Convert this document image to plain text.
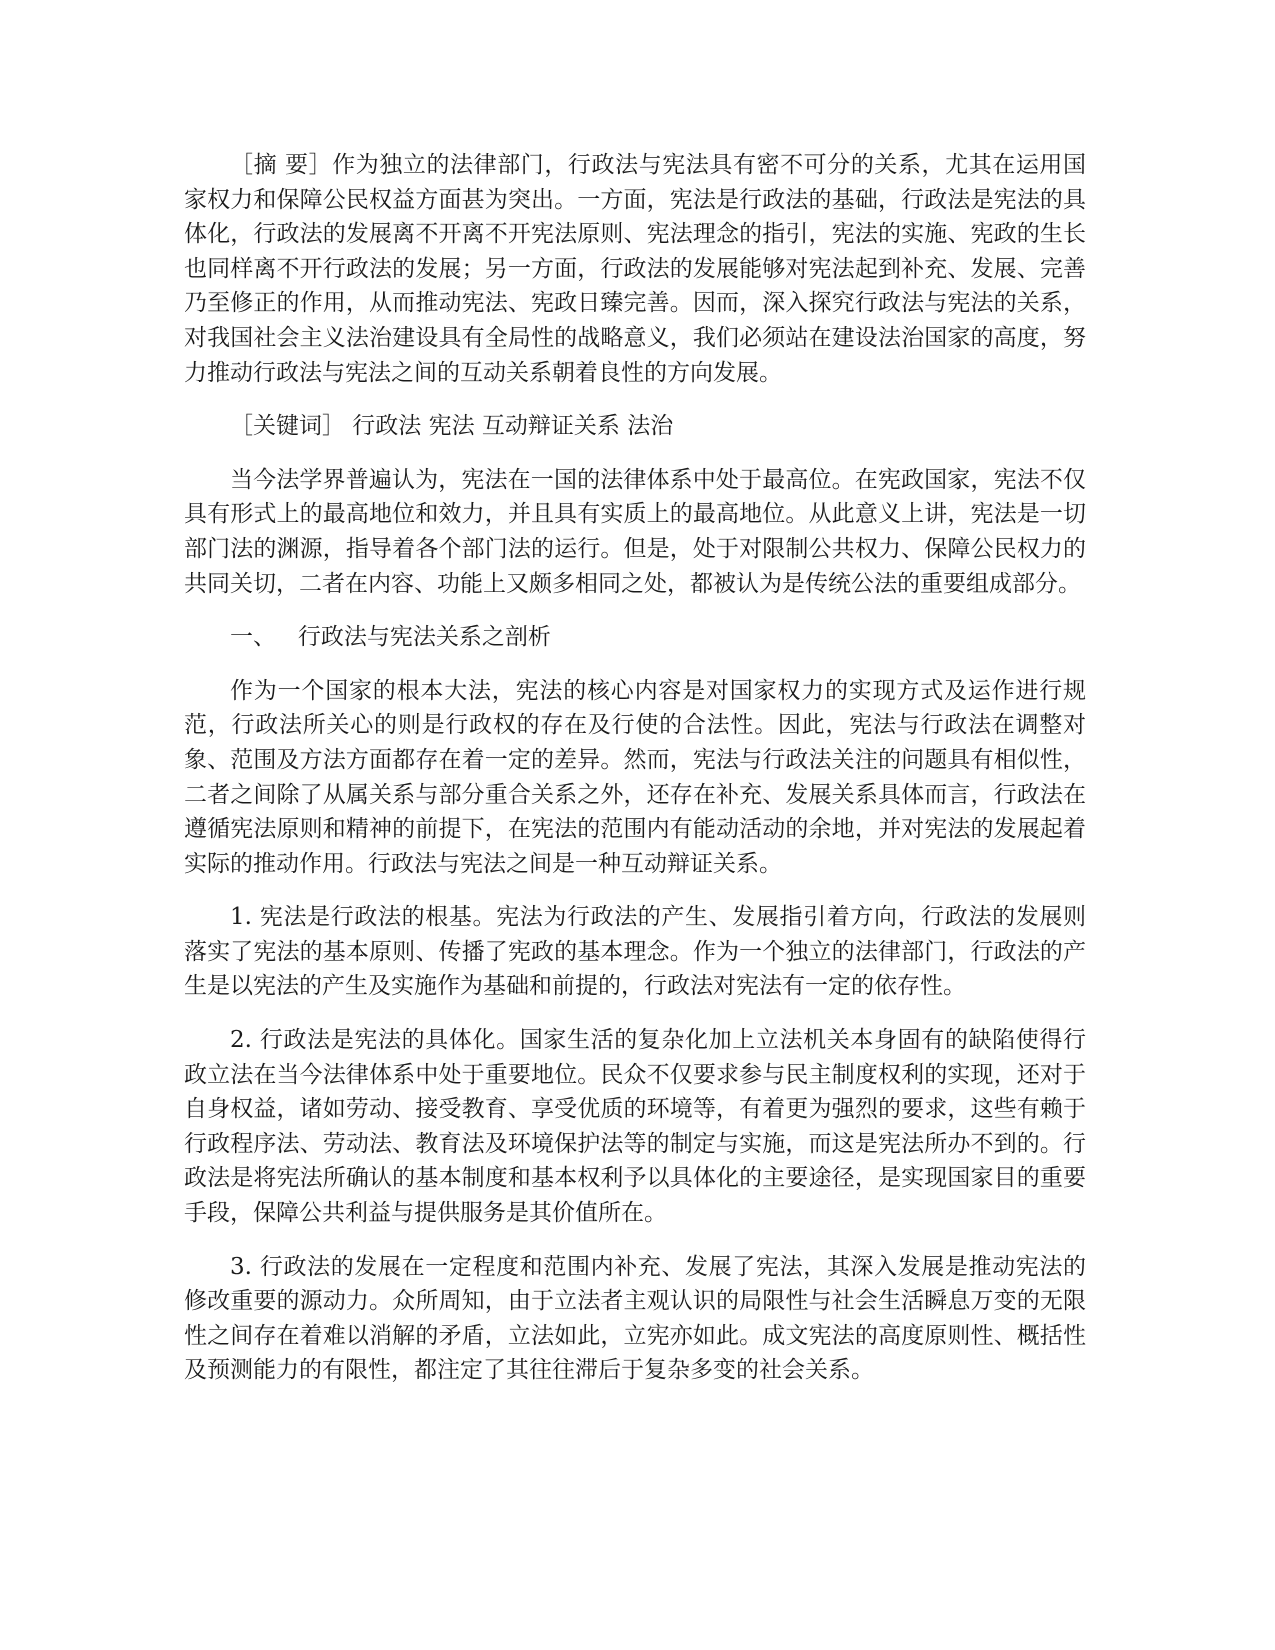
［摘 要］作为独立的法律部门，行政法与宪法具有密不可分的关系，尤其在运用国家权力和保障公民权益方面甚为突出。一方面，宪法是行政法的基础，行政法是宪法的具体化，行政法的发展离不开离不开宪法原则、宪法理念的指引，宪法的实施、宪政的生长也同样离不开行政法的发展；另一方面，行政法的发展能够对宪法起到补充、发展、完善乃至修正的作用，从而推动宪法、宪政日臻完善。因而，深入探究行政法与宪法的关系，对我国社会主义法治建设具有全局性的战略意义，我们必须站在建设法治国家的高度，努力推动行政法与宪法之间的互动关系朝着良性的方向发展。

［关键词］ 行政法 宪法 互动辩证关系 法治

当今法学界普遍认为，宪法在一国的法律体系中处于最高位。在宪政国家，宪法不仅具有形式上的最高地位和效力，并且具有实质上的最高地位。从此意义上讲，宪法是一切部门法的渊源，指导着各个部门法的运行。但是，处于对限制公共权力、保障公民权力的共同关切，二者在内容、功能上又颇多相同之处，都被认为是传统公法的重要组成部分。

一、   行政法与宪法关系之剖析

作为一个国家的根本大法，宪法的核心内容是对国家权力的实现方式及运作进行规范，行政法所关心的则是行政权的存在及行使的合法性。因此，宪法与行政法在调整对象、范围及方法方面都存在着一定的差异。然而，宪法与行政法关注的问题具有相似性，二者之间除了从属关系与部分重合关系之外，还存在补充、发展关系具体而言，行政法在遵循宪法原则和精神的前提下，在宪法的范围内有能动活动的余地，并对宪法的发展起着实际的推动作用。行政法与宪法之间是一种互动辩证关系。

1. 宪法是行政法的根基。宪法为行政法的产生、发展指引着方向，行政法的发展则落实了宪法的基本原则、传播了宪政的基本理念。作为一个独立的法律部门，行政法的产生是以宪法的产生及实施作为基础和前提的，行政法对宪法有一定的依存性。

2. 行政法是宪法的具体化。国家生活的复杂化加上立法机关本身固有的缺陷使得行政立法在当今法律体系中处于重要地位。民众不仅要求参与民主制度权利的实现，还对于自身权益，诸如劳动、接受教育、享受优质的环境等，有着更为强烈的要求，这些有赖于行政程序法、劳动法、教育法及环境保护法等的制定与实施，而这是宪法所办不到的。行政法是将宪法所确认的基本制度和基本权利予以具体化的主要途径，是实现国家目的重要手段，保障公共利益与提供服务是其价值所在。

3. 行政法的发展在一定程度和范围内补充、发展了宪法，其深入发展是推动宪法的修改重要的源动力。众所周知，由于立法者主观认识的局限性与社会生活瞬息万变的无限性之间存在着难以消解的矛盾，立法如此，立宪亦如此。成文宪法的高度原则性、概括性及预测能力的有限性，都注定了其往往滞后于复杂多变的社会关系。
